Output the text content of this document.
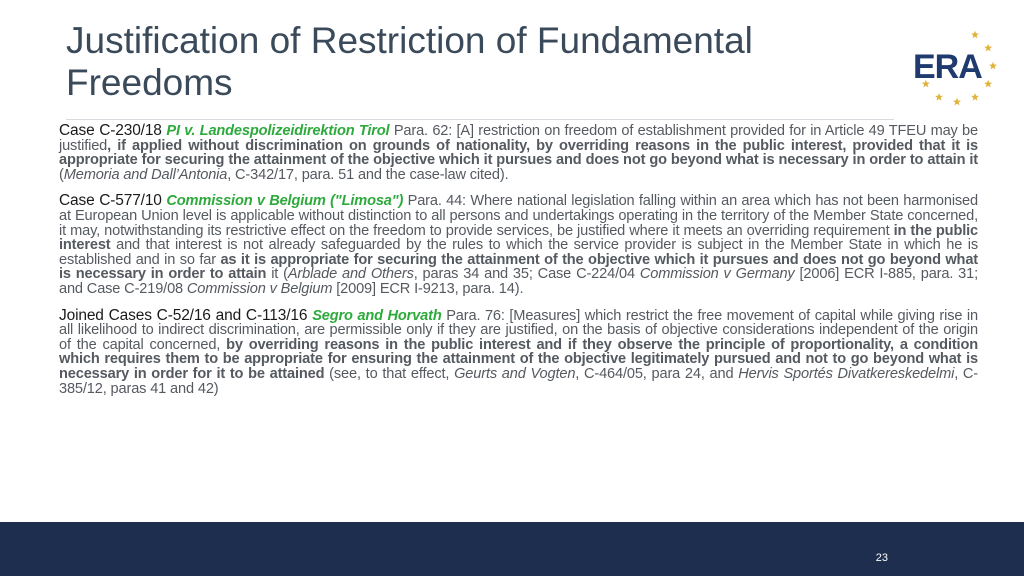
Justification of Restriction of Fundamental Freedoms	ERA

Case C-230/18 PI v. Landespolizeidirektion Tirol Para. 62: [A] restriction on freedom of establishment provided for in Article 49 TFEU may be justified, if applied without discrimination on grounds of nationality, by overriding reasons in the public interest, provided that it is appropriate for securing the attainment of the objective which it pursues and does not go beyond what is necessary in order to attain it (Memoria and Dall’Antonia, C-342/17, para. 51 and the case-law cited).

Case C-577/10 Commission v Belgium ("Limosa") Para. 44: Where national legislation falling within an area which has not been harmonised at European Union level is applicable without distinction to all persons and undertakings operating in the territory of the Member State concerned, it may, notwithstanding its restrictive effect on the freedom to provide services, be justified where it meets an overriding requirement in the public interest and that interest is not already safeguarded by the rules to which the service provider is subject in the Member State in which he is established and in so far as it is appropriate for securing the attainment of the objective which it pursues and does not go beyond what is necessary in order to attain it (Arblade and Others, paras 34 and 35; Case C-224/04 Commission v Germany [2006] ECR I-885, para. 31; and Case C-219/08 Commission v Belgium [2009] ECR I-9213, para. 14).

Joined Cases C-52/16 and C-113/16 Segro and Horvath Para. 76: [Measures] which restrict the free movement of capital while giving rise in all likelihood to indirect discrimination, are permissible only if they are justified, on the basis of objective considerations independent of the origin of the capital concerned, by overriding reasons in the public interest and if they observe the principle of proportionality, a condition which requires them to be appropriate for ensuring the attainment of the objective legitimately pursued and not to go beyond what is necessary in order for it to be attained (see, to that effect, Geurts and Vogten, C-464/05, para 24, and Hervis Sportés Divatkereskedelmi, C-385/12, paras 41 and 42)

23
